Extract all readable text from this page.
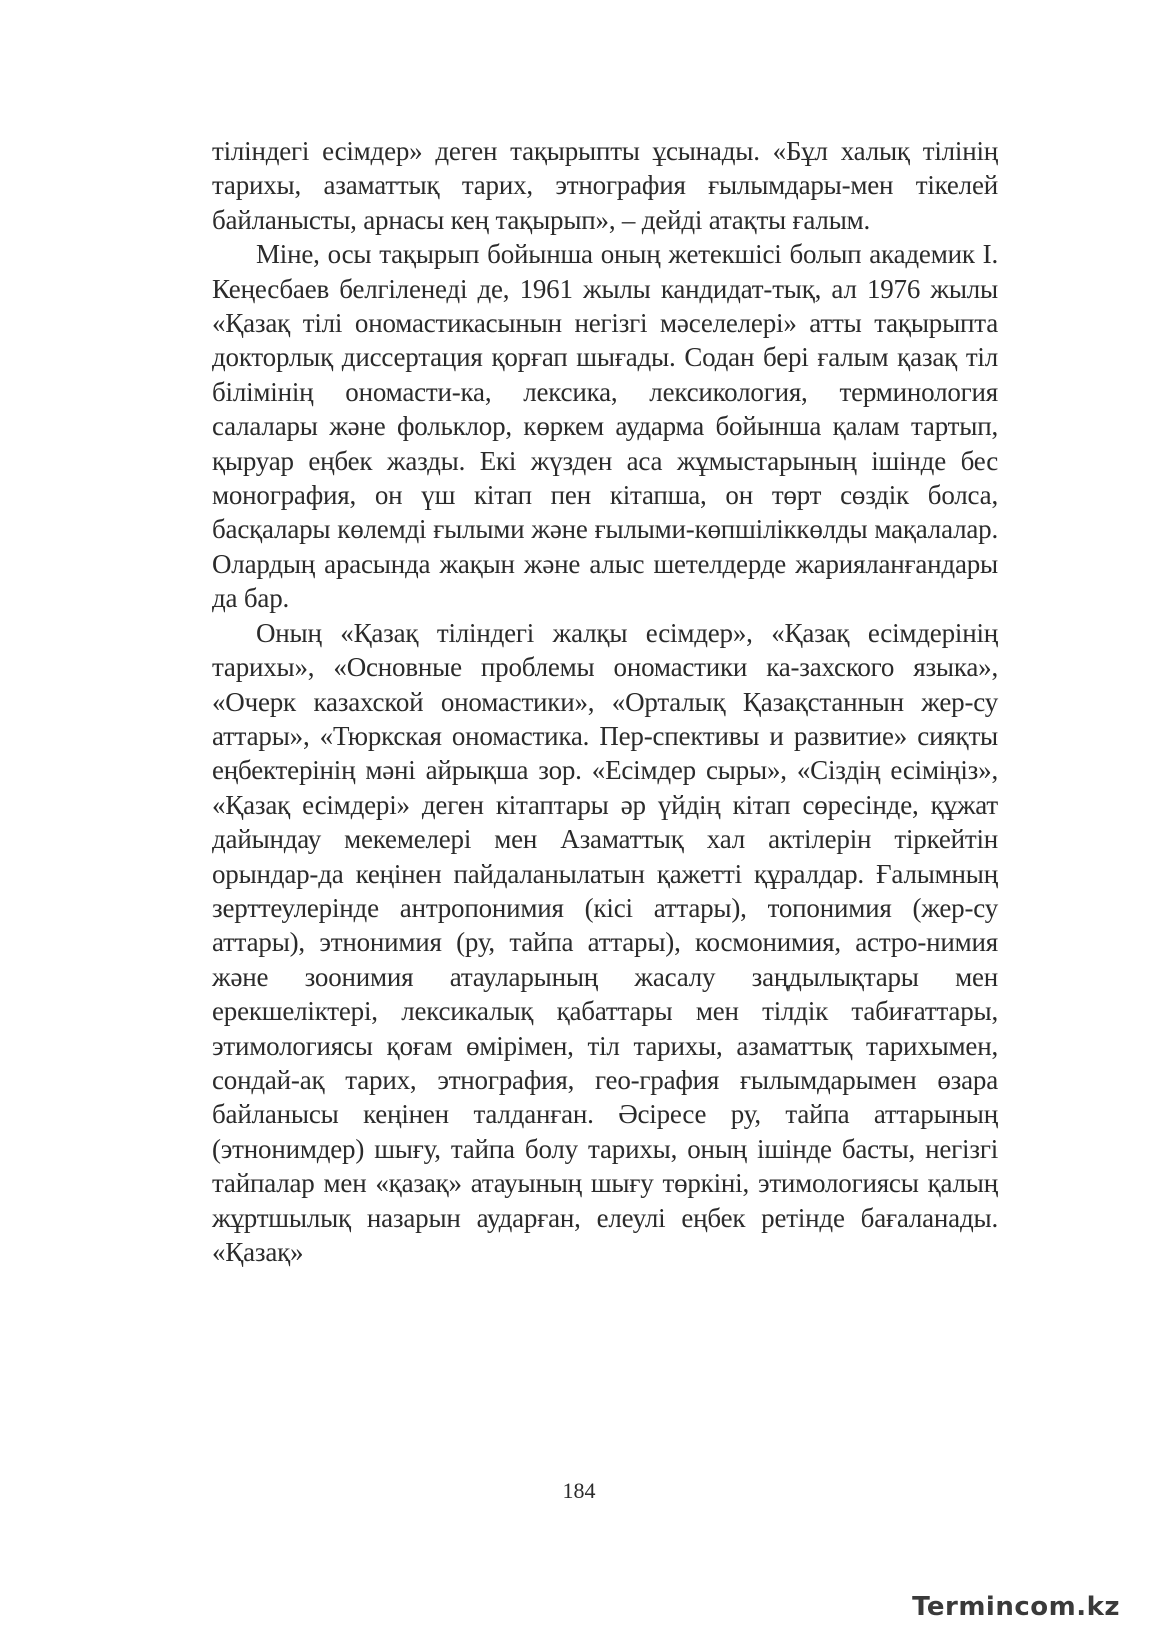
тіліндегі есімдер» деген тақырыпты ұсынады. «Бұл халық тілінің тарихы, азаматтық тарих, этнография ғылымдары-мен тікелей байланысты, арнасы кең тақырып», – дейді атақты ғалым.

Міне, осы тақырып бойынша оның жетекшісі болып академик І. Кеңесбаев белгіленеді де, 1961 жылы кандидат-тық, ал 1976 жылы «Қазақ тілі ономастикасынын негізгі мәселелері» атты тақырыпта докторлық диссертация қорғап шығады. Содан бері ғалым қазақ тіл білімінің ономасти-ка, лексика, лексикология, терминология салалары және фольклор, көркем аударма бойынша қалам тартып, қыруар еңбек жазды. Екі жүзден аса жұмыстарының ішінде бес монография, он үш кітап пен кітапша, он төрт сөздік болса, басқалары көлемді ғылыми және ғылыми-көпшіліккөлды мақалалар. Олардың арасында жақын және алыс шетелдерде жарияланғандары да бар.

Оның «Қазақ тіліндегі жалқы есімдер», «Қазақ есімдерінің тарихы», «Основные проблемы ономастики ка-захского языка», «Очерк казахской ономастики», «Орталық Қазақстаннын жер-су аттары», «Тюркская ономастика. Пер-спективы и развитие» сияқты еңбектерінің мәні айрықша зор. «Есімдер сыры», «Сіздің есіміңіз», «Қазақ есімдері» деген кітаптары әр үйдің кітап сөресінде, құжат дайындау мекемелері мен Азаматтық хал актілерін тіркейтін орындар-да кеңінен пайдаланылатын қажетті құралдар. Ғалымның зерттеулерінде антропонимия (кісі аттары), топонимия (жер-су аттары), этнонимия (ру, тайпа аттары), космонимия, астро-нимия және зоонимия атауларының жасалу заңдылықтары мен ерекшеліктері, лексикалық қабаттары мен тілдік табиғаттары, этимологиясы қоғам өмірімен, тіл тарихы, азаматтық тарихымен, сондай-ақ тарих, этнография, гео-графия ғылымдарымен өзара байланысы кеңінен талданған. Әсіресе ру, тайпа аттарының (этнонимдер) шығу, тайпа болу тарихы, оның ішінде басты, негізгі тайпалар мен «қазақ» атауының шығу төркіні, этимологиясы қалың жұртшылық назарын аударған, елеулі еңбек ретінде бағаланады. «Қазақ»

184
Termincom.kz
